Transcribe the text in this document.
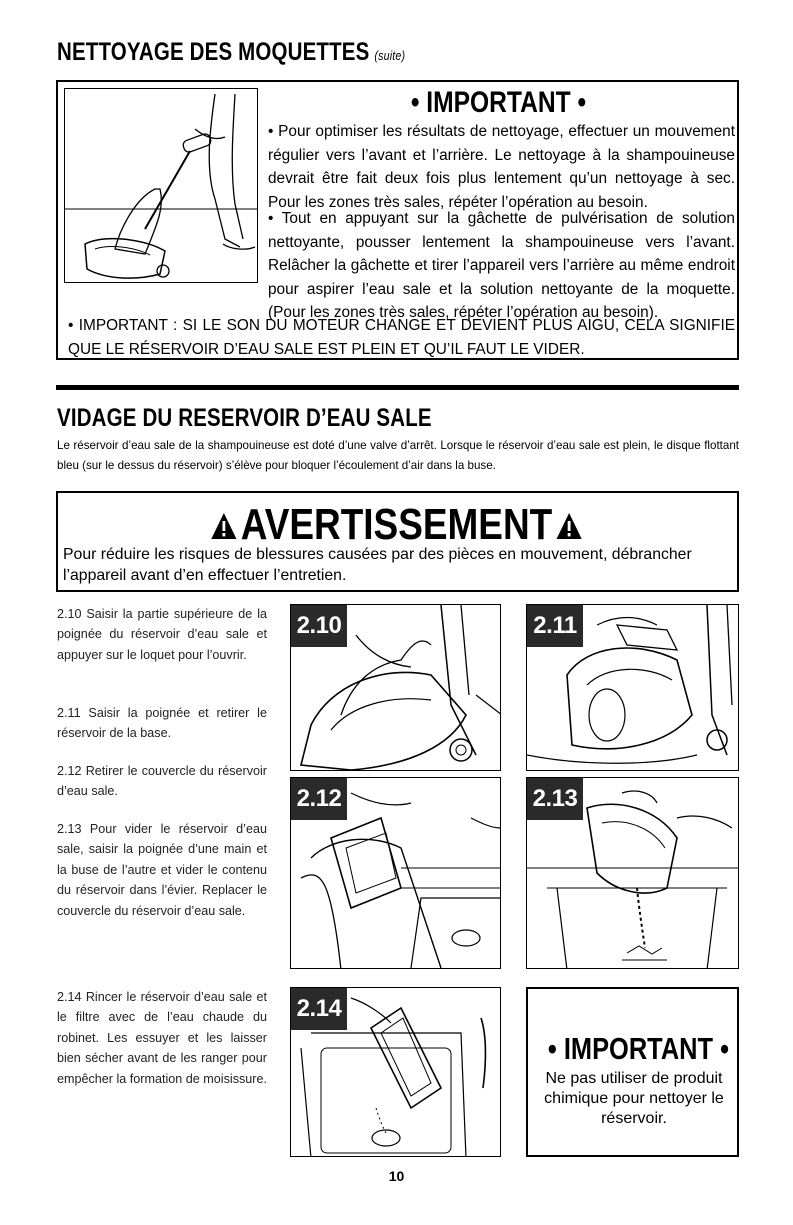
NETTOYAGE DES MOQUETTES (suite)
• IMPORTANT •
• Pour optimiser les résultats de nettoyage, effectuer un mouvement régulier vers l’avant et l’arrière. Le nettoyage à la shampouineuse devrait être fait deux fois plus lentement qu’un nettoyage à sec. Pour les zones très sales, répéter l’opération au besoin.
• Tout en appuyant sur la gâchette de pulvérisation de solution nettoyante, pousser lentement la shampouineuse vers l’avant. Relâcher la gâchette et tirer l’appareil vers l’arrière au même endroit pour aspirer l’eau sale et la solution nettoyante de la moquette. (Pour les zones très sales, répéter l’opération au besoin).
• IMPORTANT : SI LE SON DU MOTEUR CHANGE ET DEVIENT PLUS AIGU, CELA SIGNIFIE QUE LE RÉSERVOIR D’EAU SALE EST PLEIN ET QU’IL FAUT LE VIDER.
VIDAGE DU RESERVOIR D’EAU SALE
Le réservoir d’eau sale de la shampouineuse est doté d’une valve d’arrêt. Lorsque le réservoir d’eau sale est plein, le disque flottant bleu (sur le dessus du réservoir) s’élève pour bloquer l’écoulement d’air dans la buse.
AVERTISSEMENT
Pour réduire les risques de blessures causées par des pièces en mouvement, débrancher l’appareil avant d’en effectuer l’entretien.
2.10 Saisir la partie supérieure de la poignée du réservoir d’eau sale et appuyer sur le loquet pour l’ouvrir.
2.11 Saisir la poignée et retirer le réservoir de la base.
2.12 Retirer le couvercle du réservoir d’eau sale.
2.13 Pour vider le réservoir d’eau sale, saisir la poignée d’une main et la buse de l’autre et vider le contenu du réservoir dans l’évier. Replacer le couvercle du réservoir d’eau sale.
2.14 Rincer le réservoir d’eau sale et le filtre avec de l’eau chaude du robinet. Les essuyer et les laisser bien sécher avant de les ranger pour empêcher la formation de moisissure.
2.10	2.11
2.12	2.13
2.14
• IMPORTANT •
Ne pas utiliser de produit chimique pour nettoyer le réservoir.
10
